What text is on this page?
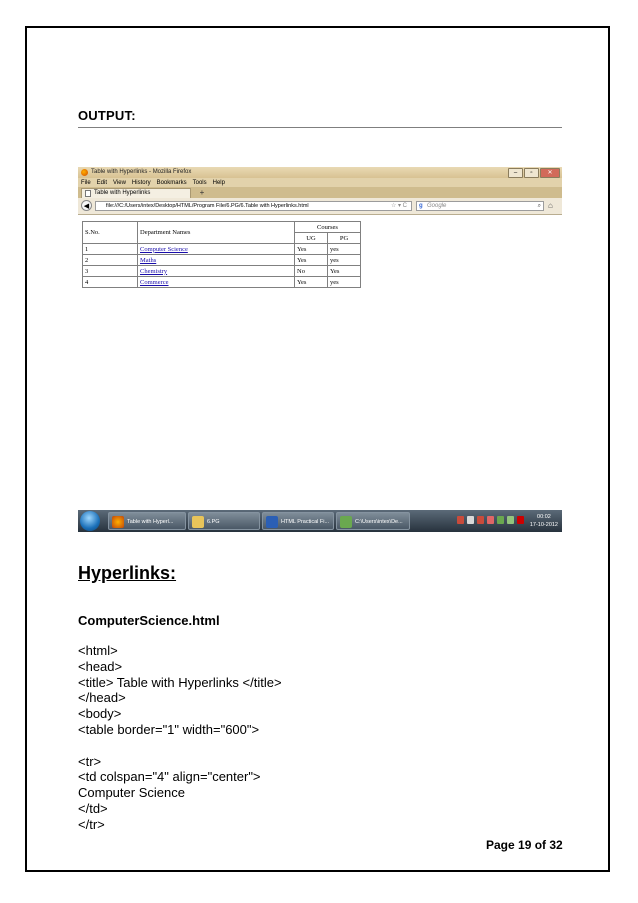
OUTPUT:
Table with Hyperlinks - Mozilla Firefox	–	▫	✕
File Edit View History Bookmarks Tools Help
Table with Hyperlinks	+
◀	file:///C:/Users/intex/Desktop/HTML/Program File/6.PG/6.Table with Hyperlinks.html	☆ ▾ C g Google	⌕ ⌂
S.No.	Department Names	Courses	
		UG	PG
1	Computer Science	Yes	yes
2	Maths	Yes	yes
3	Chemistry	No	Yes
4	Commerce	Yes	yes
Table with Hyperl...	6.PG	HTML Practical Fi...	C:\Users\intex\De...
00:02
17-10-2012
Hyperlinks:
ComputerScience.html
<html>
<head>
<title> Table with Hyperlinks </title>
</head>
<body>
<table border="1" width="600">
<tr>
<td colspan="4" align="center">
Computer Science
</td>
</tr>
Page 19 of 32
